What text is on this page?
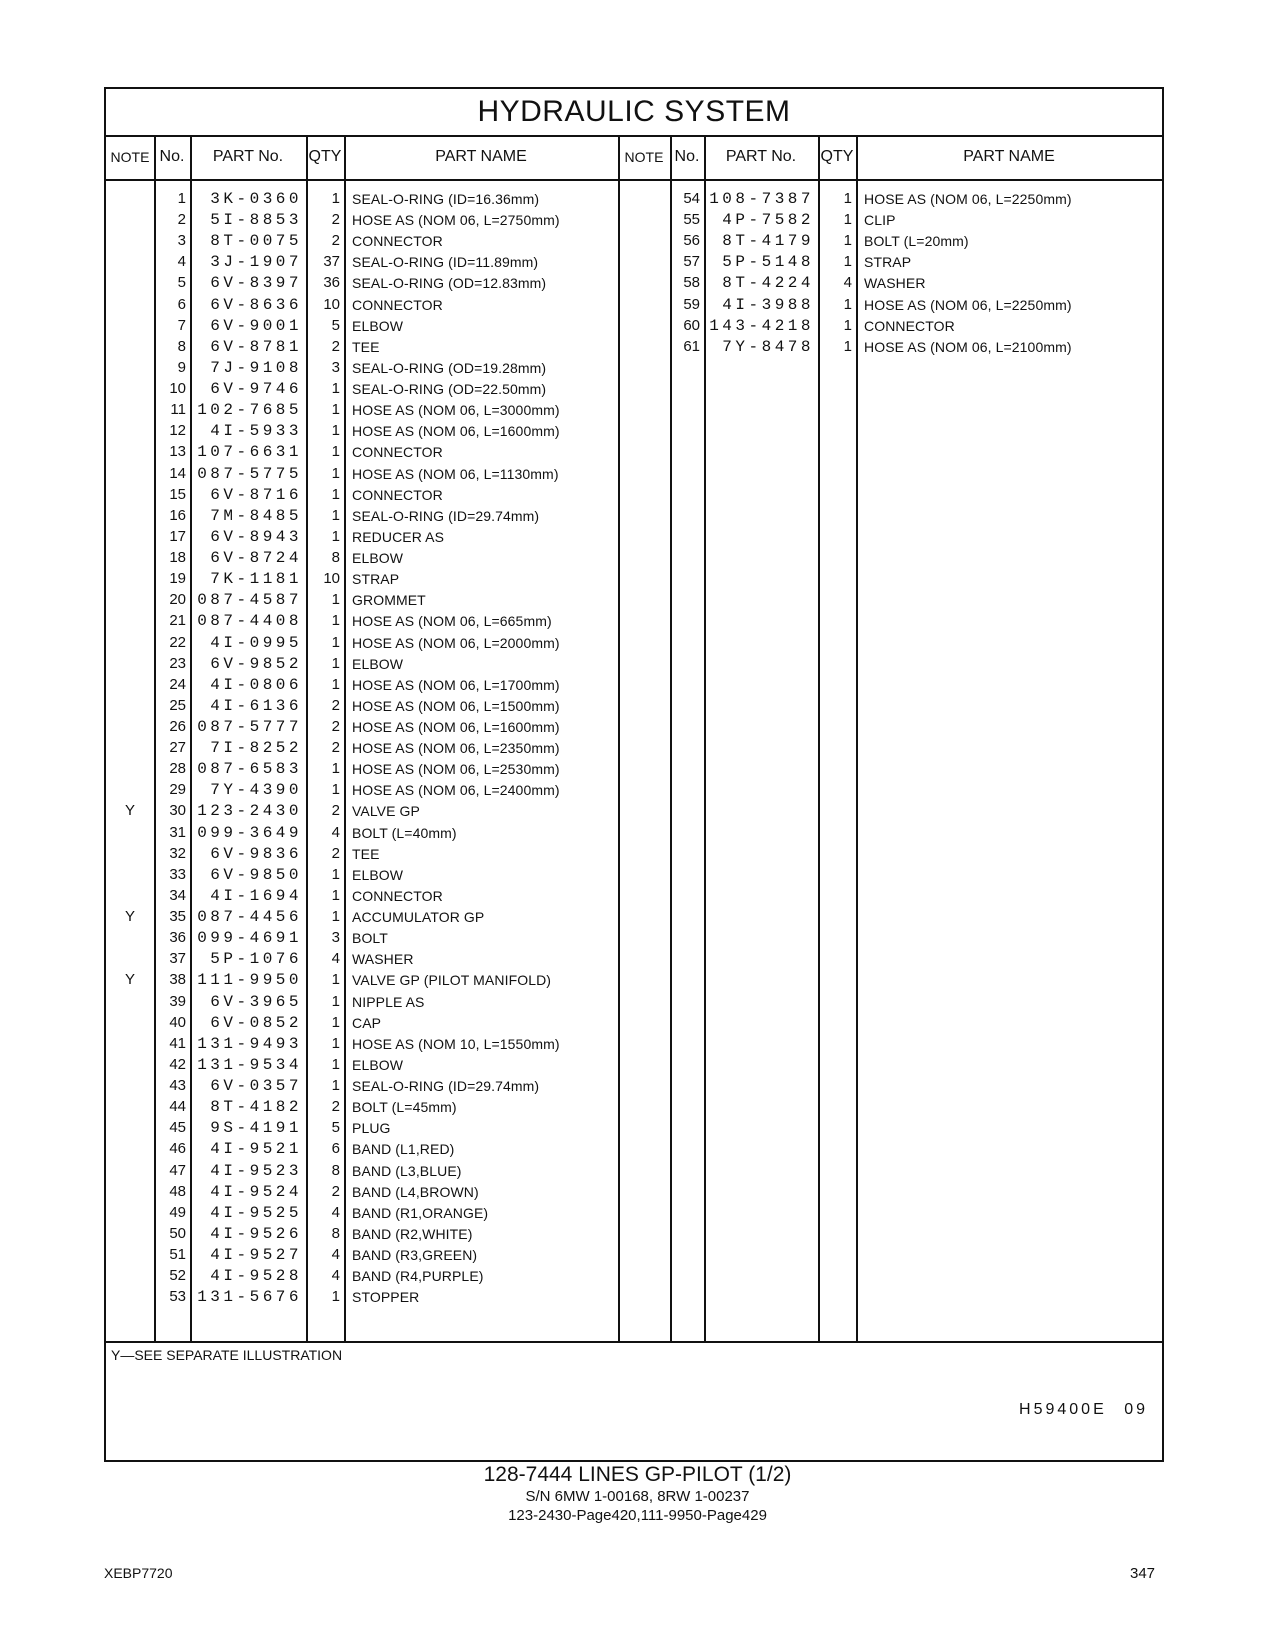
HYDRAULIC SYSTEM
NOTE No.	PART No.	QTY	PART NAME	NOTE No.	PART No.	QTY	PART NAME
1	3K-0360	1 SEAL-O-RING (ID=16.36mm)
2	5I-8853	2 HOSE AS (NOM 06, L=2750mm)
3	8T-0075	2 CONNECTOR
4	3J-1907	37 SEAL-O-RING (ID=11.89mm)
5	6V-8397	36 SEAL-O-RING (OD=12.83mm)
6	6V-8636	10 CONNECTOR
7	6V-9001	5 ELBOW
8	6V-8781	2 TEE
9	7J-9108	3 SEAL-O-RING (OD=19.28mm)
10	6V-9746	1 SEAL-O-RING (OD=22.50mm)
11 102-7685	1 HOSE AS (NOM 06, L=3000mm)
12	4I-5933	1 HOSE AS (NOM 06, L=1600mm)
13 107-6631	1 CONNECTOR
14 087-5775	1 HOSE AS (NOM 06, L=1130mm)
15	6V-8716	1 CONNECTOR
16	7M-8485	1 SEAL-O-RING (ID=29.74mm)
17	6V-8943	1 REDUCER AS
18	6V-8724	8 ELBOW
19	7K-1181	10 STRAP
20 087-4587	1 GROMMET
21 087-4408	1 HOSE AS (NOM 06, L=665mm)
22	4I-0995	1 HOSE AS (NOM 06, L=2000mm)
23	6V-9852	1 ELBOW
24	4I-0806	1 HOSE AS (NOM 06, L=1700mm)
25	4I-6136	2 HOSE AS (NOM 06, L=1500mm)
26 087-5777	2 HOSE AS (NOM 06, L=1600mm)
27	7I-8252	2 HOSE AS (NOM 06, L=2350mm)
28 087-6583	1 HOSE AS (NOM 06, L=2530mm)
29	7Y-4390	1 HOSE AS (NOM 06, L=2400mm)
Y	30 123-2430	2 VALVE GP
31 099-3649	4 BOLT (L=40mm)
32	6V-9836	2 TEE
33	6V-9850	1 ELBOW
34	4I-1694	1 CONNECTOR
Y	35 087-4456	1 ACCUMULATOR GP
36 099-4691	3 BOLT
37	5P-1076	4 WASHER
Y	38 111-9950	1 VALVE GP (PILOT MANIFOLD)
39	6V-3965	1 NIPPLE AS
40	6V-0852	1 CAP
41 131-9493	1 HOSE AS (NOM 10, L=1550mm)
42 131-9534	1 ELBOW
43	6V-0357	1 SEAL-O-RING (ID=29.74mm)
44	8T-4182	2 BOLT (L=45mm)
45	9S-4191	5 PLUG
46	4I-9521	6 BAND (L1,RED)
47	4I-9523	8 BAND (L3,BLUE)
48	4I-9524	2 BAND (L4,BROWN)
49	4I-9525	4 BAND (R1,ORANGE)
50	4I-9526	8 BAND (R2,WHITE)
51	4I-9527	4 BAND (R3,GREEN)
52	4I-9528	4 BAND (R4,PURPLE)
53 131-5676	1 STOPPER
54 108-7387	1 HOSE AS (NOM 06, L=2250mm)
55	4P-7582	1 CLIP
56	8T-4179	1 BOLT (L=20mm)
57	5P-5148	1 STRAP
58	8T-4224	4 WASHER
59	4I-3988	1 HOSE AS (NOM 06, L=2250mm)
60 143-4218	1 CONNECTOR
61	7Y-8478	1 HOSE AS (NOM 06, L=2100mm)
Y—SEE SEPARATE ILLUSTRATION
H59400E 09
128-7444 LINES GP-PILOT (1/2)
S/N 6MW 1-00168, 8RW 1-00237
123-2430-Page420,111-9950-Page429
XEBP7720	347
